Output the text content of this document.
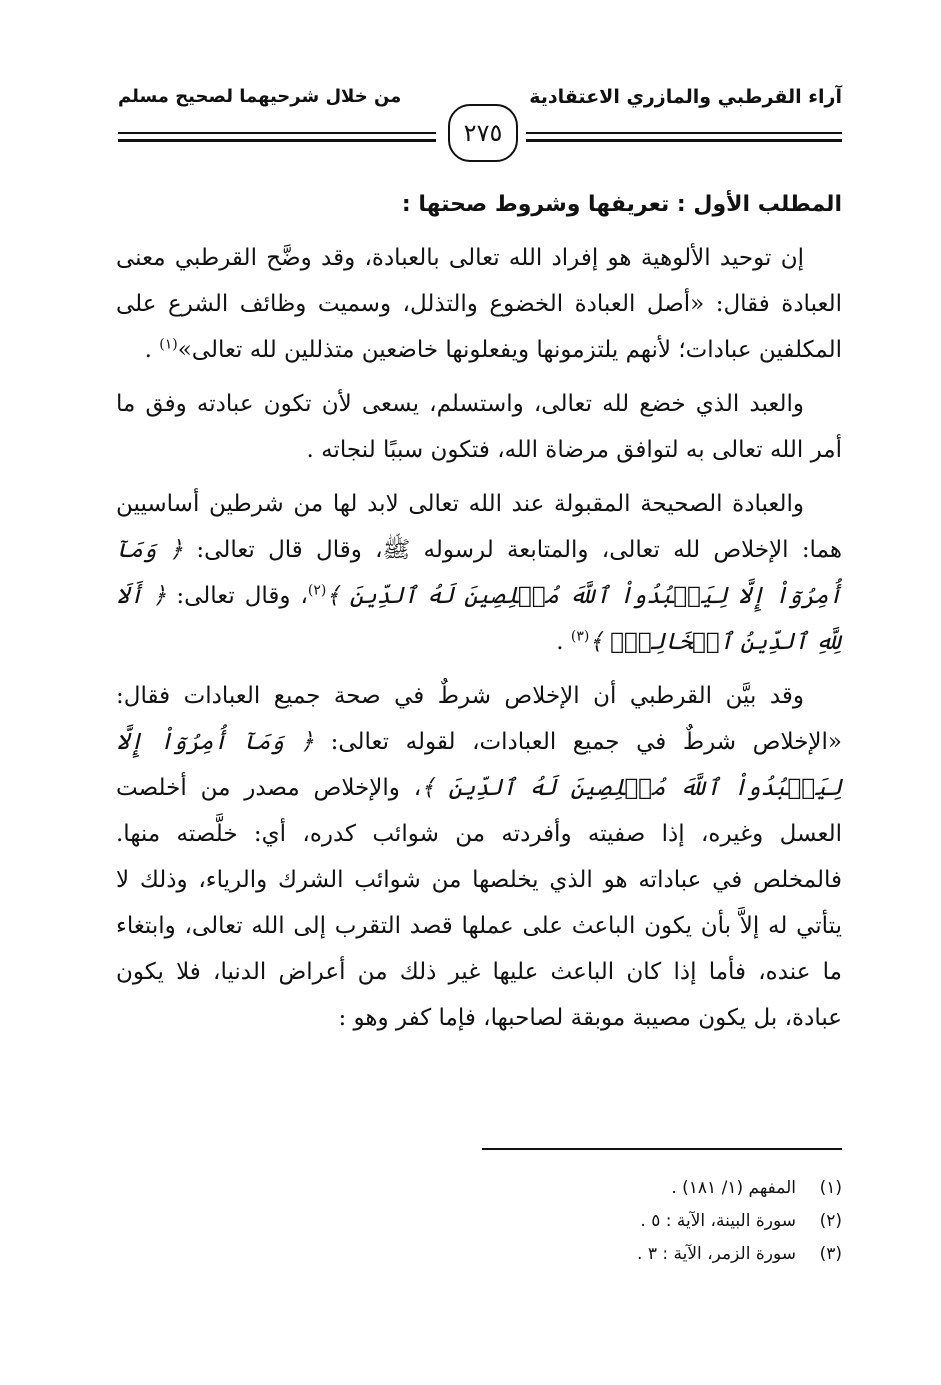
آراء القرطبي والمازري الاعتقادية
من خلال شرحيهما لصحيح مسلم
٢٧٥
المطلب الأول : تعريفها وشروط صحتها :

إن توحيد الألوهية هو إفراد الله تعالى بالعبادة، وقد وضَّح القرطبي معنى العبادة فقال: «أصل العبادة الخضوع والتذلل، وسميت وظائف الشرع على المكلفين عبادات؛ لأنهم يلتزمونها ويفعلونها خاضعين متذللين لله تعالى»$^{(١)}$ .

والعبد الذي خضع لله تعالى، واستسلم، يسعى لأن تكون عبادته وفق ما أمر الله تعالى به لتوافق مرضاة الله، فتكون سببًا لنجاته .

والعبادة الصحيحة المقبولة عند الله تعالى لابد لها من شرطين أساسيين هما: الإخلاص لله تعالى، والمتابعة لرسوله ﷺ، وقال قال تعالى: ﴿ وَمَآ أُمِرُوٓاْ إِلَّا لِيَعۡبُدُواْ ٱللَّهَ مُخۡلِصِينَ لَهُ ٱلدِّينَ ﴾$^{(٢)}$، وقال تعالى: ﴿ أَلَا لِلَّهِ ٱلدِّينُ ٱلۡخَالِصُۚ ﴾$^{(٣)}$ .

وقد بيَّن القرطبي أن الإخلاص شرطٌ في صحة جميع العبادات فقال: «الإخلاص شرطٌ في جميع العبادات، لقوله تعالى: ﴿ وَمَآ أُمِرُوٓاْ إِلَّا لِيَعۡبُدُواْ ٱللَّهَ مُخۡلِصِينَ لَهُ ٱلدِّينَ ﴾، والإخلاص مصدر من أخلصت العسل وغيره، إذا صفيته وأفردته من شوائب كدره، أي: خلَّصته منها. فالمخلص في عباداته هو الذي يخلصها من شوائب الشرك والرياء، وذلك لا يتأتي له إلاَّ بأن يكون الباعث على عملها قصد التقرب إلى الله تعالى، وابتغاء ما عنده، فأما إذا كان الباعث عليها غير ذلك من أعراض الدنيا، فلا يكون عبادة، بل يكون مصيبة موبقة لصاحبها، فإما كفر وهو :

(١)المفهم (١/ ١٨١) .
(٢)سورة البينة، الآية : ٥ .
(٣)سورة الزمر، الآية : ٣ .
